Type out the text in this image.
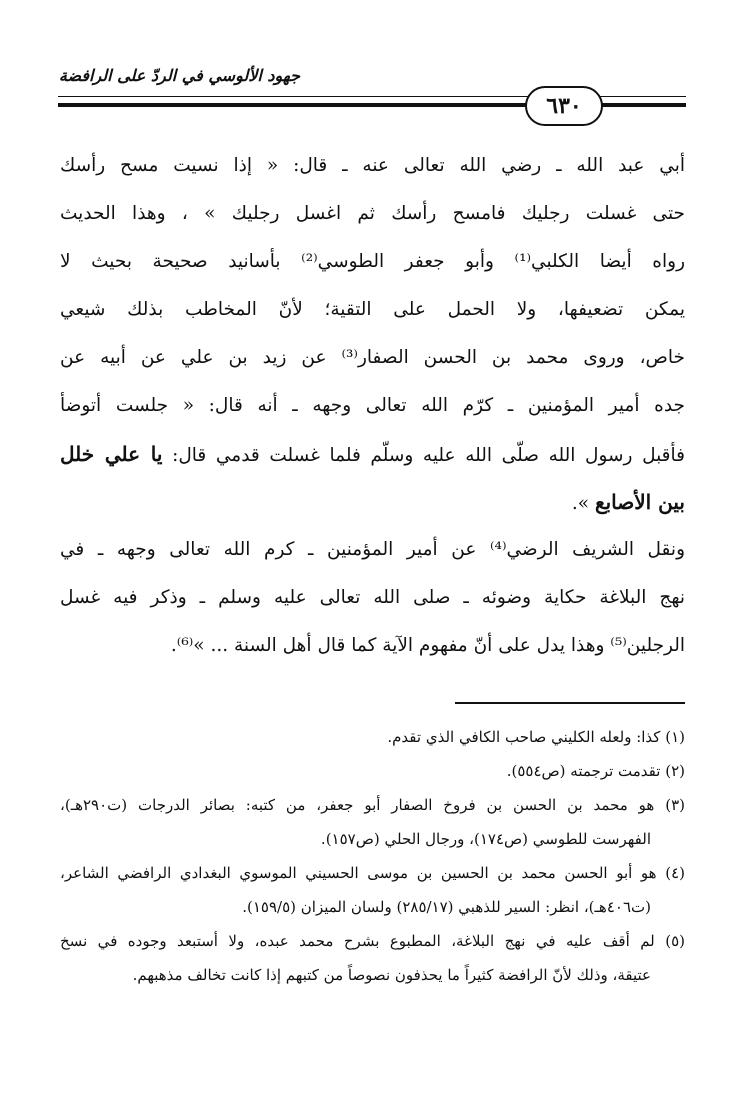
جهود الألوسي في الردّ على الرافضة
٦٣٠
أبي عبد الله ـ رضي الله تعالى عنه ـ قال: « إذا نسيت مسح رأسك
حتى غسلت رجليك فامسح رأسك ثم اغسل رجليك » ، وهذا الحديث
رواه أيضا الكلبي⁽¹⁾ وأبو جعفر الطوسي⁽²⁾ بأسانيد صحيحة بحيث لا
يمكن تضعيفها، ولا الحمل على التقية؛ لأنّ المخاطب بذلك شيعي
خاص، وروى محمد بن الحسن الصفار⁽³⁾ عن زيد بن علي عن أبيه عن
جده أمير المؤمنين ـ كرّم الله تعالى وجهه ـ أنه قال: « جلست أتوضأ
فأقبل رسول الله صلّى الله عليه وسلّم فلما غسلت قدمي قال: يا علي خلل
بين الأصابع ».
ونقل الشريف الرضي⁽⁴⁾ عن أمير المؤمنين ـ كرم الله تعالى وجهه ـ في
نهج البلاغة حكاية وضوئه ـ صلى الله تعالى عليه وسلم ـ وذكر فيه غسل
الرجلين⁽⁵⁾ وهذا يدل على أنّ مفهوم الآية كما قال أهل السنة ... »⁽⁶⁾.
(١) كذا: ولعله الكليني صاحب الكافي الذي تقدم.
(٢) تقدمت ترجمته (ص٥٥٤).
(٣) هو محمد بن الحسن بن فروخ الصفار أبو جعفر، من كتبه: بصائر الدرجات (ت٢٩٠هـ)،
الفهرست للطوسي (ص١٧٤)، ورجال الحلي (ص١٥٧).
(٤) هو أبو الحسن محمد بن الحسين بن موسى الحسيني الموسوي البغدادي الرافضي الشاعر،
(ت٤٠٦هـ)، انظر: السير للذهبي (٢٨٥/١٧) ولسان الميزان (١٥٩/٥).
(٥) لم أقف عليه في نهج البلاغة، المطبوع بشرح محمد عبده، ولا أستبعد وجوده في نسخ
عتيقة، وذلك لأنّ الرافضة كثيراً ما يحذفون نصوصاً من كتبهم إذا كانت تخالف مذهبهم.
